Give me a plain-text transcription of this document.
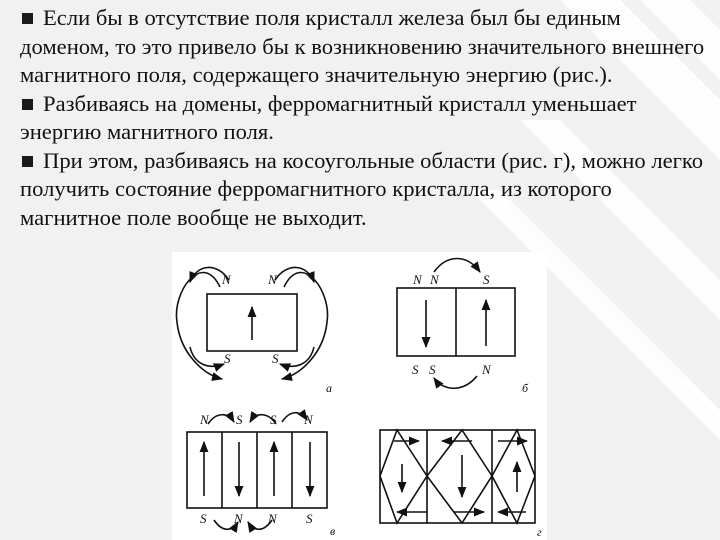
Если бы в отсутствие поля кристалл железа был бы единым доменом, то это привело бы к возникновению значительного внешнего магнитного поля, содержащего значительную энергию (рис.).

Разбиваясь на домены, ферромагнитный кристалл уменьшает энергию магнитного поля.

При этом, разбиваясь на косоугольные области (рис. г), можно легко получить состояние ферромагнитного кристалла, из которого магнитное поле вообще не выходит.

N	N
S	S
а
N N	S
S S	N
б
N S S N
S N N S
в	г
